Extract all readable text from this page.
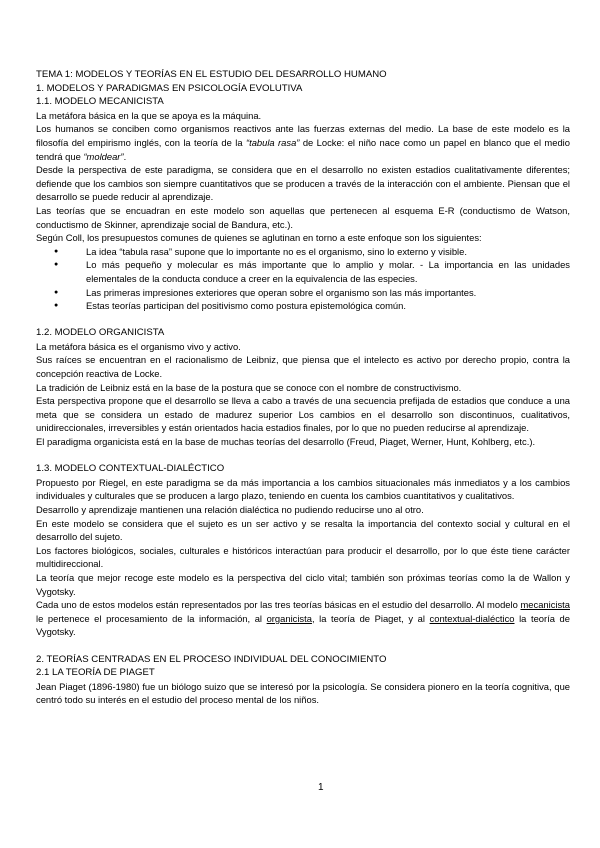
TEMA 1: MODELOS Y TEORÍAS EN EL ESTUDIO DEL DESARROLLO HUMANO
1. MODELOS Y PARADIGMAS EN PSICOLOGÍA EVOLUTIVA
1.1. MODELO MECANICISTA

La metáfora básica en la que se apoya es la máquina.

Los humanos se conciben como organismos reactivos ante las fuerzas externas del medio. La base de este modelo es la filosofía del empirismo inglés, con la teoría de la “tabula rasa” de Locke: el niño nace como un papel en blanco que el medio tendrá que “moldear”.

Desde la perspectiva de este paradigma, se considera que en el desarrollo no existen estadios cualitativamente diferentes; defiende que los cambios son siempre cuantitativos que se producen a través de la interacción con el ambiente. Piensan que el desarrollo se puede reducir al aprendizaje.

Las teorías que se encuadran en este modelo son aquellas que pertenecen al esquema E-R (conductismo de Watson, conductismo de Skinner, aprendizaje social de Bandura, etc.).

Según Coll, los presupuestos comunes de quienes se aglutinan en torno a este enfoque son los siguientes:

● La idea “tabula rasa” supone que lo importante no es el organismo, sino lo externo y visible.
● Lo más pequeño y molecular es más importante que lo amplio y molar. - La importancia en las unidades elementales de la conducta conduce a creer en la equivalencia de las especies.
● Las primeras impresiones exteriores que operan sobre el organismo son las más importantes.
● Estas teorías participan del positivismo como postura epistemológica común.
1.2. MODELO ORGANICISTA

La metáfora básica es el organismo vivo y activo.

Sus raíces se encuentran en el racionalismo de Leibniz, que piensa que el intelecto es activo por derecho propio, contra la concepción reactiva de Locke.

La tradición de Leibniz está en la base de la postura que se conoce con el nombre de constructivismo.

Esta perspectiva propone que el desarrollo se lleva a cabo a través de una secuencia prefijada de estadios que conduce a una meta que se considera un estado de madurez superior Los cambios en el desarrollo son discontinuos, cualitativos, unidireccionales, irreversibles y están orientados hacia estadios finales, por lo que no pueden reducirse al aprendizaje.

El paradigma organicista está en la base de muchas teorías del desarrollo (Freud, Piaget, Werner, Hunt, Kohlberg, etc.).

1.3. MODELO CONTEXTUAL-DIALÉCTICO

Propuesto por Riegel, en este paradigma se da más importancia a los cambios situacionales más inmediatos y a los cambios individuales y culturales que se producen a largo plazo, teniendo en cuenta los cambios cuantitativos y cualitativos.

Desarrollo y aprendizaje mantienen una relación dialéctica no pudiendo reducirse uno al otro.

En este modelo se considera que el sujeto es un ser activo y se resalta la importancia del contexto social y cultural en el desarrollo del sujeto.

Los factores biológicos, sociales, culturales e históricos interactúan para producir el desarrollo, por lo que éste tiene carácter multidireccional.

La teoría que mejor recoge este modelo es la perspectiva del ciclo vital; también son próximas teorías como la de Wallon y Vygotsky.

Cada uno de estos modelos están representados por las tres teorías básicas en el estudio del desarrollo. Al modelo mecanicista le pertenece el procesamiento de la información, al organicista, la teoría de Piaget, y al contextual-dialéctico la teoría de Vygotsky.

2. TEORÍAS CENTRADAS EN EL PROCESO INDIVIDUAL DEL CONOCIMIENTO
2.1 LA TEORÍA DE PIAGET

Jean Piaget (1896-1980) fue un biólogo suizo que se interesó por la psicología. Se considera pionero en la teoría cognitiva, que centró todo su interés en el estudio del proceso mental de los niños.

1
